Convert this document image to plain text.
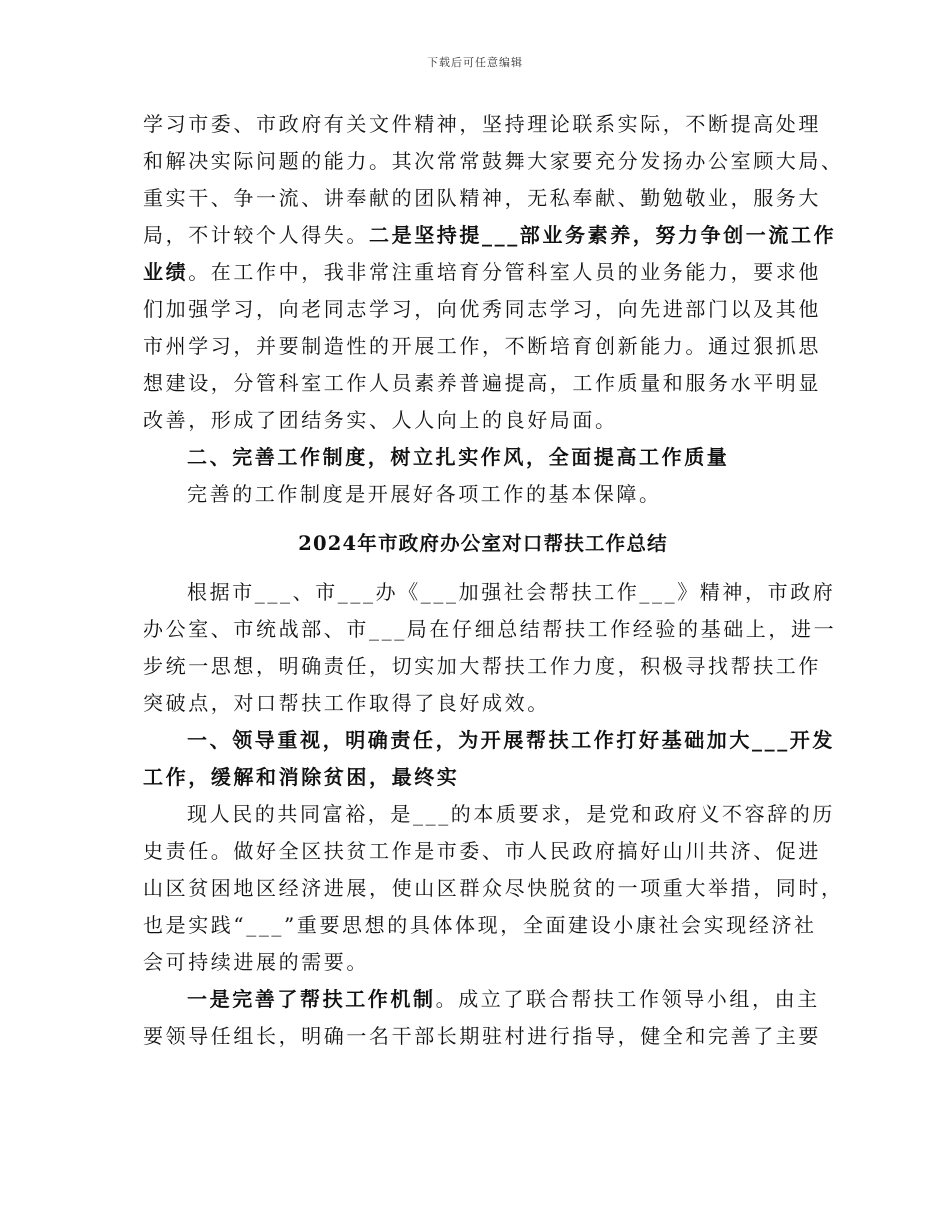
下载后可任意编辑
学习市委、市政府有关文件精神，坚持理论联系实际，不断提高处理
和解决实际问题的能力。其次常常鼓舞大家要充分发扬办公室顾大局、
重实干、争一流、讲奉献的团队精神，无私奉献、勤勉敬业，服务大
局，不计较个人得失。二是坚持提___部业务素养，努力争创一流工作
业绩。在工作中，我非常注重培育分管科室人员的业务能力，要求他
们加强学习，向老同志学习，向优秀同志学习，向先进部门以及其他
市州学习，并要制造性的开展工作，不断培育创新能力。通过狠抓思
想建设，分管科室工作人员素养普遍提高，工作质量和服务水平明显
改善，形成了团结务实、人人向上的良好局面。
二、完善工作制度，树立扎实作风，全面提高工作质量
完善的工作制度是开展好各项工作的基本保障。
2024年市政府办公室对口帮扶工作总结
根据市___、市___办《___加强社会帮扶工作___》精神，市政府
办公室、市统战部、市___局在仔细总结帮扶工作经验的基础上，进一
步统一思想，明确责任，切实加大帮扶工作力度，积极寻找帮扶工作
突破点，对口帮扶工作取得了良好成效。
一、领导重视，明确责任，为开展帮扶工作打好基础加大___开发
工作，缓解和消除贫困，最终实
现人民的共同富裕，是___的本质要求，是党和政府义不容辞的历
史责任。做好全区扶贫工作是市委、市人民政府搞好山川共济、促进
山区贫困地区经济进展，使山区群众尽快脱贫的一项重大举措，同时，
也是实践“___”重要思想的具体体现，全面建设小康社会实现经济社
会可持续进展的需要。
一是完善了帮扶工作机制。成立了联合帮扶工作领导小组，由主
要领导任组长，明确一名干部长期驻村进行指导，健全和完善了主要
